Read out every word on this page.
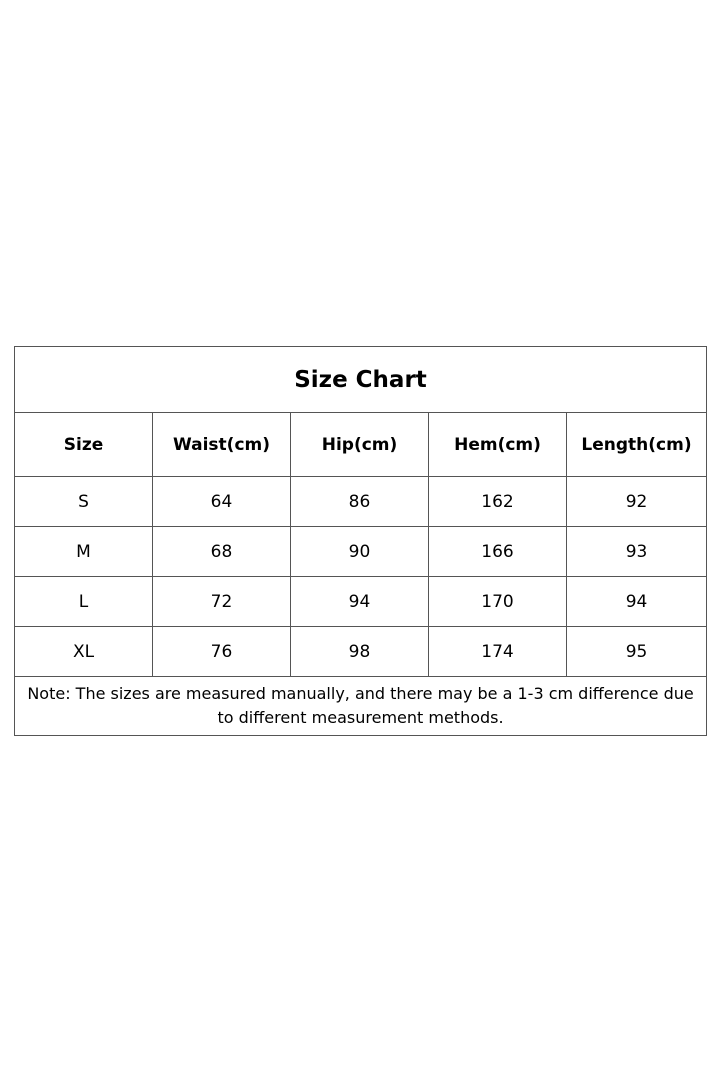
Size Chart				
Size	Waist(cm)	Hip(cm)	Hem(cm)	Length(cm)
S	64	86	162	92
M	68	90	166	93
L	72	94	170	94
XL	76	98	174	95
Note: The sizes are measured manually, and there may be a 1-3 cm difference due to different measurement methods.				
